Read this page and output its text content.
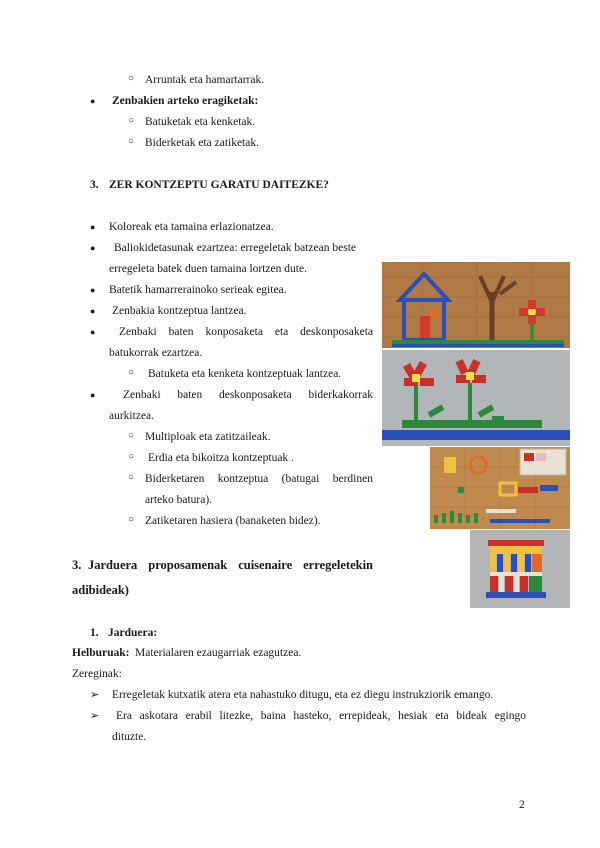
○ Arruntak eta hamartarrak.
● Zenbakien arteko eragiketak:
○ Batuketak eta kenketak.
○ Biderketak eta zatiketak.
3. ZER KONTZEPTU GARATU DAITEZKE?
● Koloreak eta tamaina erlazionatzea.
● Baliokidetasunak ezartzea: erregeletak batzean beste
erregeleta batek duen tamaina lortzen dute.
● Batetik hamarrerainoko serieak egitea.
● Zenbakia kontzeptua lantzea.
● Zenbaki baten konposaketa eta deskonposaketa
batukorrak ezartzea.
○ Batuketa eta kenketa kontzeptuak lantzea.
● Zenbaki baten deskonposaketa biderkakorrak
aurkitzea.
○ Multiploak eta zatitzaileak.
○ Erdia eta bikoitza kontzeptuak .
○ Biderketaren kontzeptua (batugai berdinen
arteko batura).
○ Zatiketaren hasiera (banaketen bidez).
3. Jarduera proposamenak cuisenaire erregeletekin
adibideak)
1. Jarduera:
Helburuak: Materialaren ezaugarriak ezagutzea.
Zereginak:
➢ Erregeletak kutxatik atera eta nahastuko ditugu, eta ez diegu instrukziorik emango.
➢ Era askotara erabil litezke, baina hasteko, errepideak, hesiak eta bideak egingo
dituzte.
2
